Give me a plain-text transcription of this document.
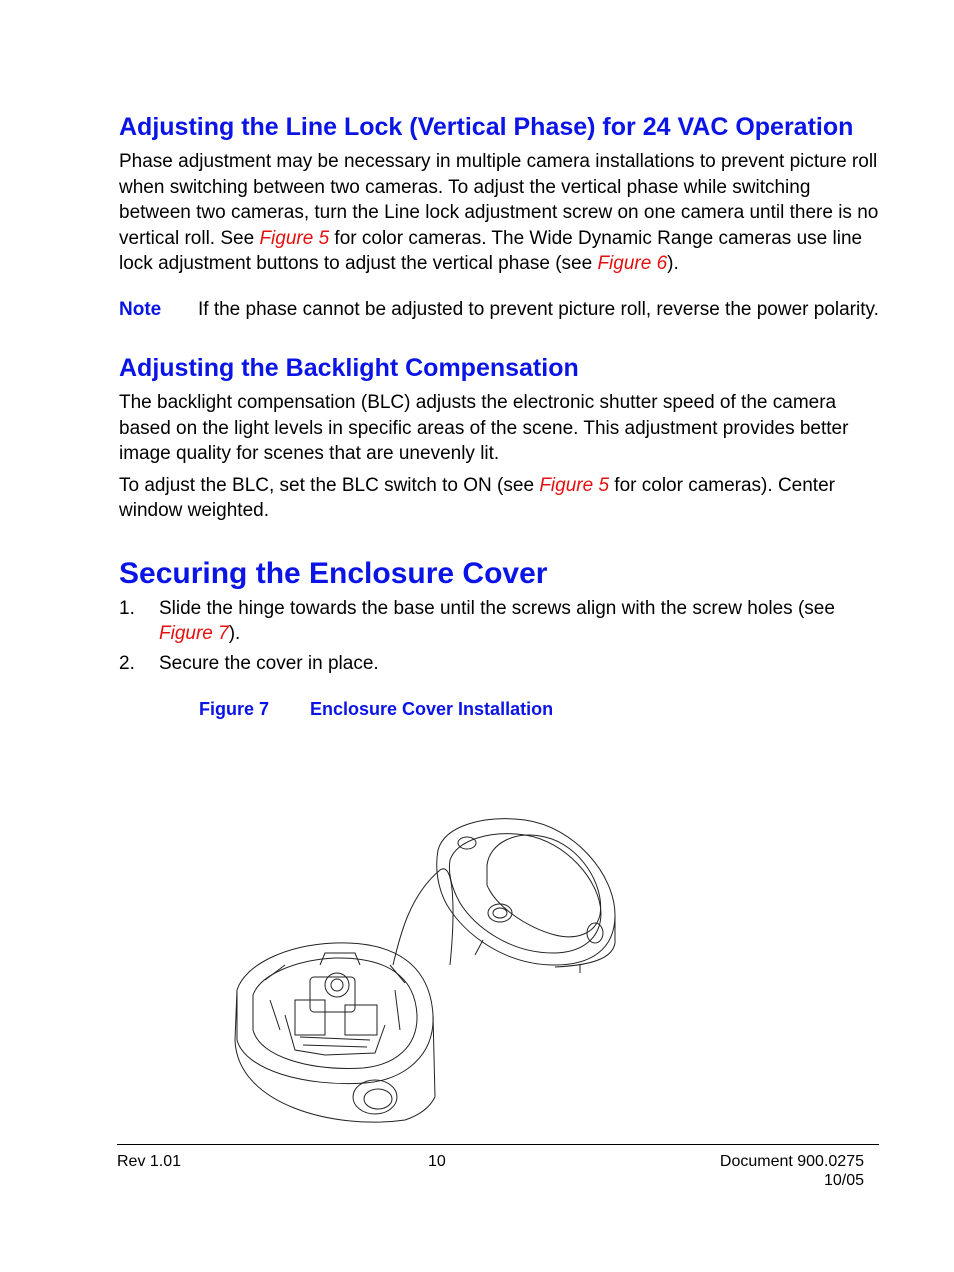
Adjusting the Line Lock (Vertical Phase) for 24 VAC Operation

Phase adjustment may be necessary in multiple camera installations to prevent picture roll when switching between two cameras. To adjust the vertical phase while switching between two cameras, turn the Line lock adjustment screw on one camera until there is no vertical roll. See Figure 5 for color cameras. The Wide Dynamic Range cameras use line lock adjustment buttons to adjust the vertical phase (see Figure 6).

Note	If the phase cannot be adjusted to prevent picture roll, reverse the power polarity.
Adjusting the Backlight Compensation

The backlight compensation (BLC) adjusts the electronic shutter speed of the camera based on the light levels in specific areas of the scene. This adjustment provides better image quality for scenes that are unevenly lit.

To adjust the BLC, set the BLC switch to ON (see Figure 5 for color cameras). Center window weighted.

Securing the Enclosure Cover
1.	Slide the hinge towards the base until the screws align with the screw holes (see Figure 7).
2.	Secure the cover in place.
Figure 7	Enclosure Cover Installation
Rev 1.01	10	Document 900.0275
10/05
